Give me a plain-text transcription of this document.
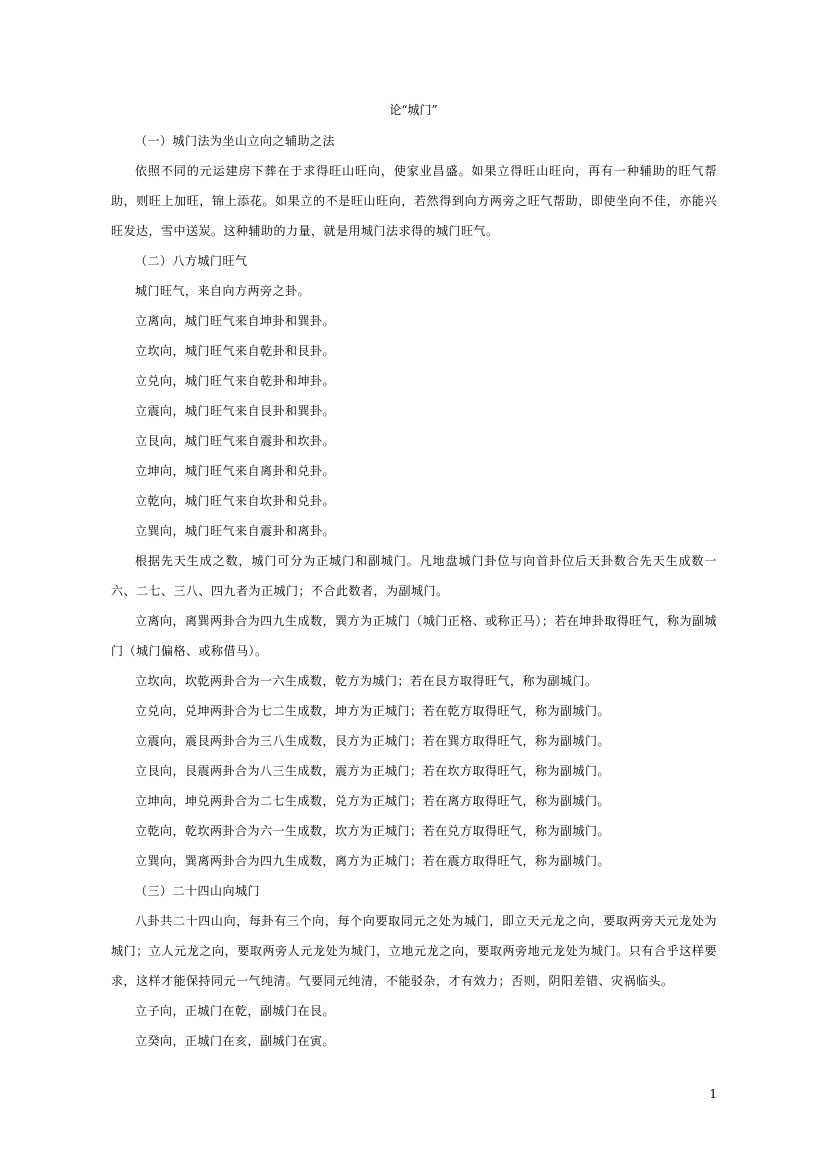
论“城门”

（一）城门法为坐山立向之辅助之法

依照不同的元运建房下葬在于求得旺山旺向，使家业昌盛。如果立得旺山旺向，再有一种辅助的旺气帮助，则旺上加旺，锦上添花。如果立的不是旺山旺向，若然得到向方两旁之旺气帮助，即使坐向不佳，亦能兴旺发达，雪中送炭。这种辅助的力量，就是用城门法求得的城门旺气。

（二）八方城门旺气

城门旺气，来自向方两旁之卦。

立离向，城门旺气来自坤卦和巽卦。

立坎向，城门旺气来自乾卦和艮卦。

立兑向，城门旺气来自乾卦和坤卦。

立震向，城门旺气来自艮卦和巽卦。

立艮向，城门旺气来自震卦和坎卦。

立坤向，城门旺气来自离卦和兑卦。

立乾向，城门旺气来自坎卦和兑卦。

立巽向，城门旺气来自震卦和离卦。

根据先天生成之数，城门可分为正城门和副城门。凡地盘城门卦位与向首卦位后天卦数合先天生成数一六、二七、三八、四九者为正城门；不合此数者，为副城门。

立离向，离巽两卦合为四九生成数，巽方为正城门（城门正格、或称正马）；若在坤卦取得旺气，称为副城门（城门偏格、或称借马）。

立坎向，坎乾两卦合为一六生成数，乾方为城门；若在艮方取得旺气，称为副城门。

立兑向，兑坤两卦合为七二生成数，坤方为正城门；若在乾方取得旺气，称为副城门。

立震向，震艮两卦合为三八生成数，艮方为正城门；若在巽方取得旺气，称为副城门。

立艮向，艮震两卦合为八三生成数，震方为正城门；若在坎方取得旺气，称为副城门。

立坤向，坤兑两卦合为二七生成数，兑方为正城门；若在离方取得旺气，称为副城门。

立乾向，乾坎两卦合为六一生成数，坎方为正城门；若在兑方取得旺气，称为副城门。

立巽向，巽离两卦合为四九生成数，离方为正城门；若在震方取得旺气，称为副城门。

（三）二十四山向城门

八卦共二十四山向，每卦有三个向，每个向要取同元之处为城门，即立天元龙之向，要取两旁天元龙处为城门；立人元龙之向，要取两旁人元龙处为城门，立地元龙之向，要取两旁地元龙处为城门。只有合乎这样要求，这样才能保持同元一气纯清。气要同元纯清，不能驳杂，才有效力；否则，阴阳差错、灾祸临头。

立子向，正城门在乾，副城门在艮。

立癸向，正城门在亥，副城门在寅。

1
